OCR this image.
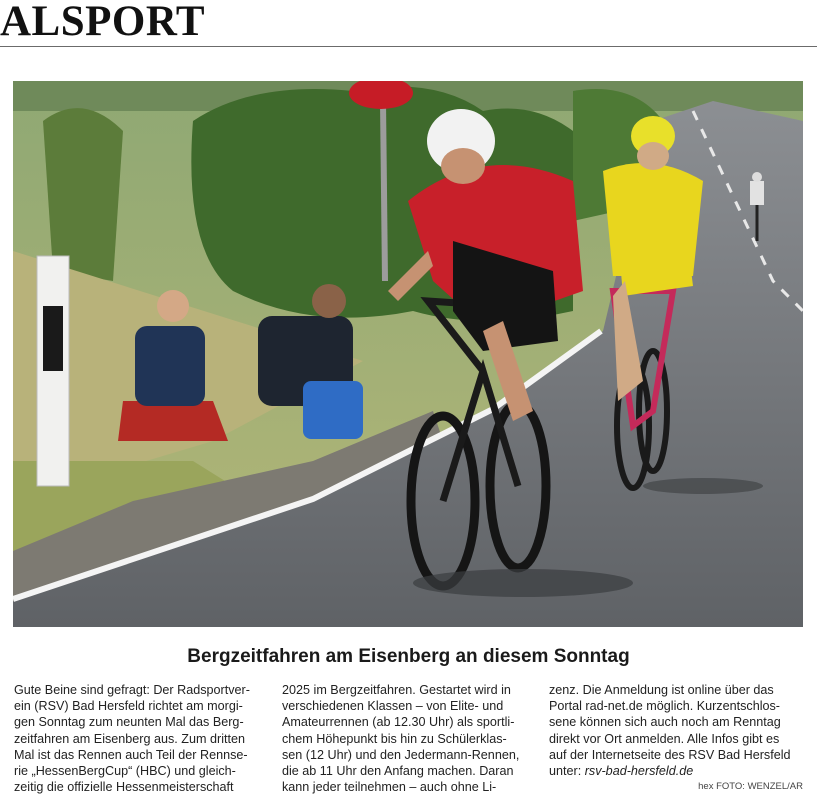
ALSPORT
Bergzeitfahren am Eisenberg an diesem Sonntag
Gute Beine sind gefragt: Der Radsportver-
ein (RSV) Bad Hersfeld richtet am morgi-
gen Sonntag zum neunten Mal das Berg-
zeitfahren am Eisenberg aus. Zum dritten
Mal ist das Rennen auch Teil der Rennse-
rie „HessenBergCup“ (HBC) und gleich-
zeitig die offizielle Hessenmeisterschaft
2025 im Bergzeitfahren. Gestartet wird in
verschiedenen Klassen – von Elite- und
Amateurrennen (ab 12.30 Uhr) als sportli-
chem Höhepunkt bis hin zu Schülerklas-
sen (12 Uhr) und den Jedermann-Rennen,
die ab 11 Uhr den Anfang machen. Daran
kann jeder teilnehmen – auch ohne Li-
zenz. Die Anmeldung ist online über das
Portal rad-net.de möglich. Kurzentschlos-
sene können sich auch noch am Renntag
direkt vor Ort anmelden. Alle Infos gibt es
auf der Internetseite des RSV Bad Hersfeld
unter: rsv-bad-hersfeld.de
hex FOTO: WENZEL/AR
